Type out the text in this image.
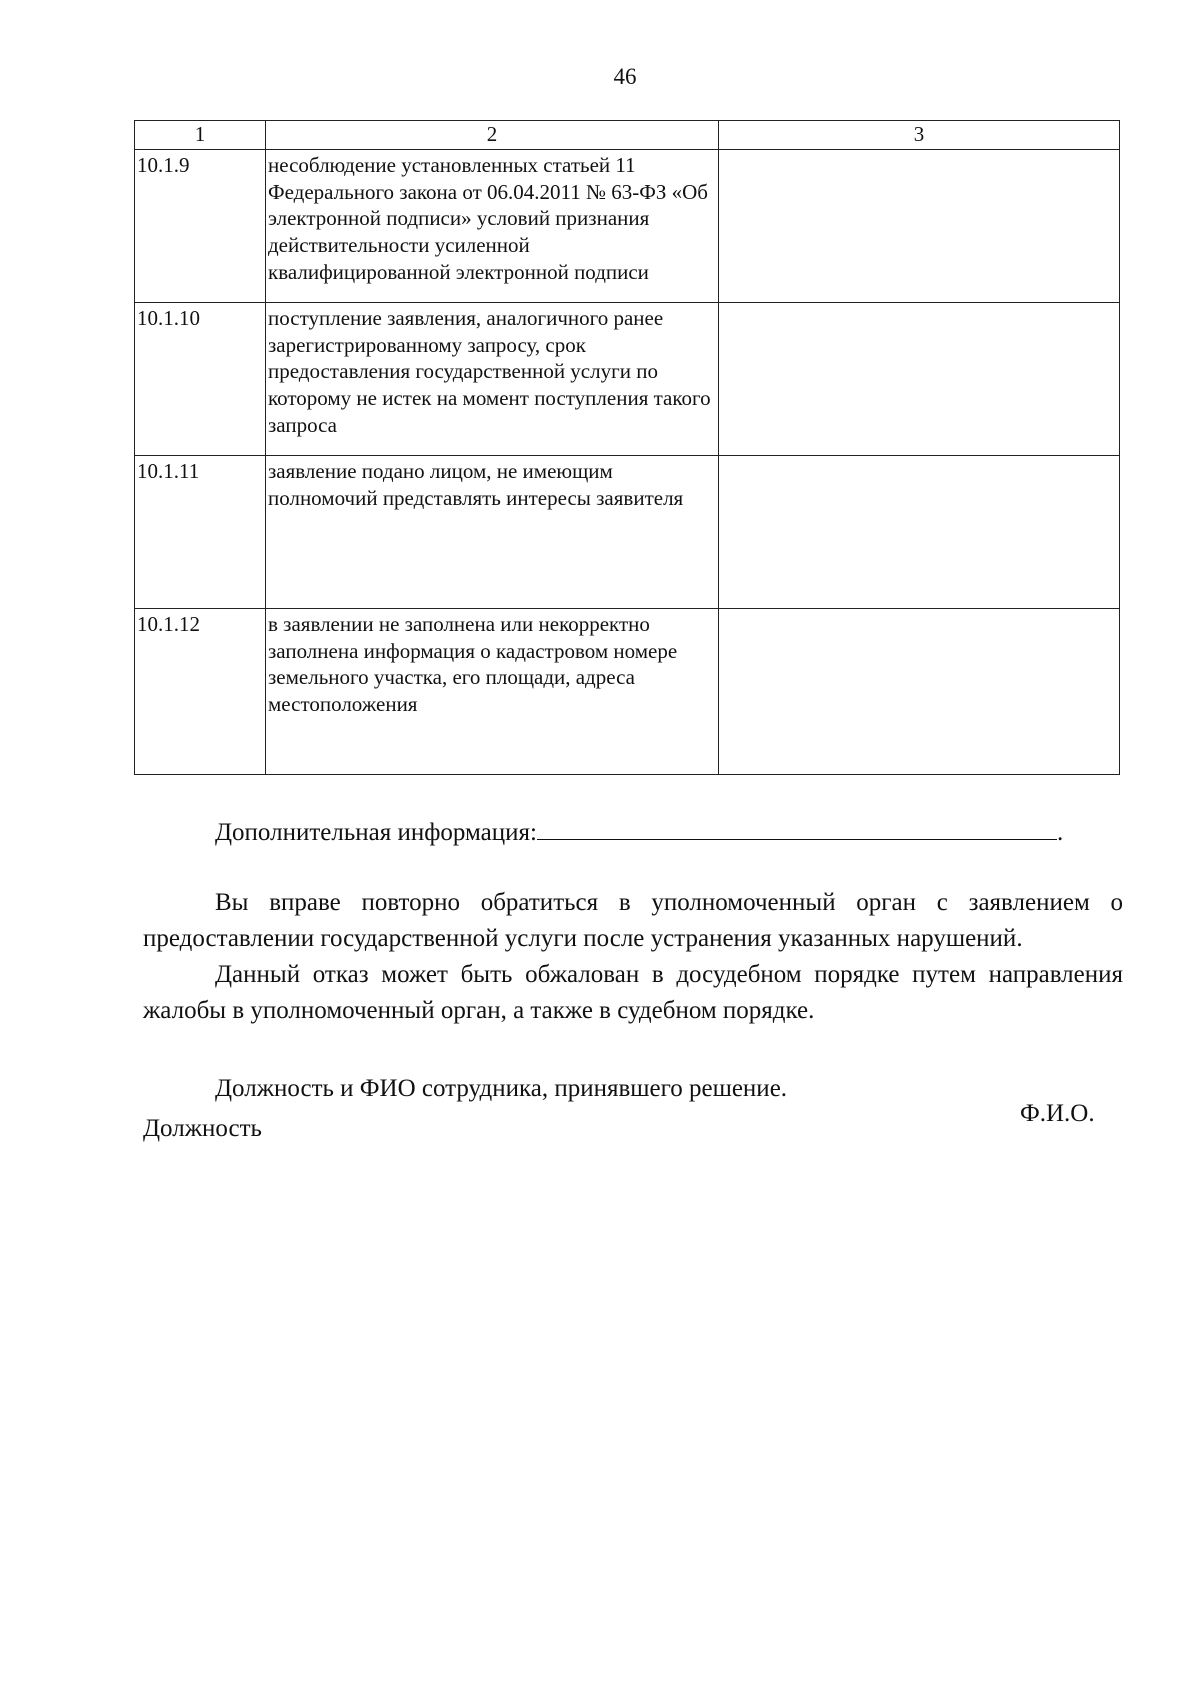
46
1	2	3
10.1.9	несоблюдение установленных статьей 11 Федерального закона от 06.04.2011 № 63-ФЗ «Об электронной подписи» условий признания действительности усиленной квалифицированной электронной подписи	
10.1.10	поступление заявления, аналогичного ранее зарегистрированному запросу, срок предоставления государственной услуги по которому не истек на момент поступления такого запроса	
10.1.11	заявление подано лицом, не имеющим полномочий представлять интересы заявителя	
10.1.12	в заявлении не заполнена или некорректно заполнена информация о кадастровом номере земельного участка, его площади, адреса местоположения	
Дополнительная информация:	.

Вы вправе повторно обратиться в уполномоченный орган с заявлением о предоставлении государственной услуги после устранения указанных нарушений.

Данный отказ может быть обжалован в досудебном порядке путем направления жалобы в уполномоченный орган, а также в судебном порядке.

Должность и ФИО сотрудника, принявшего решение.
Должность
Ф.И.О.
